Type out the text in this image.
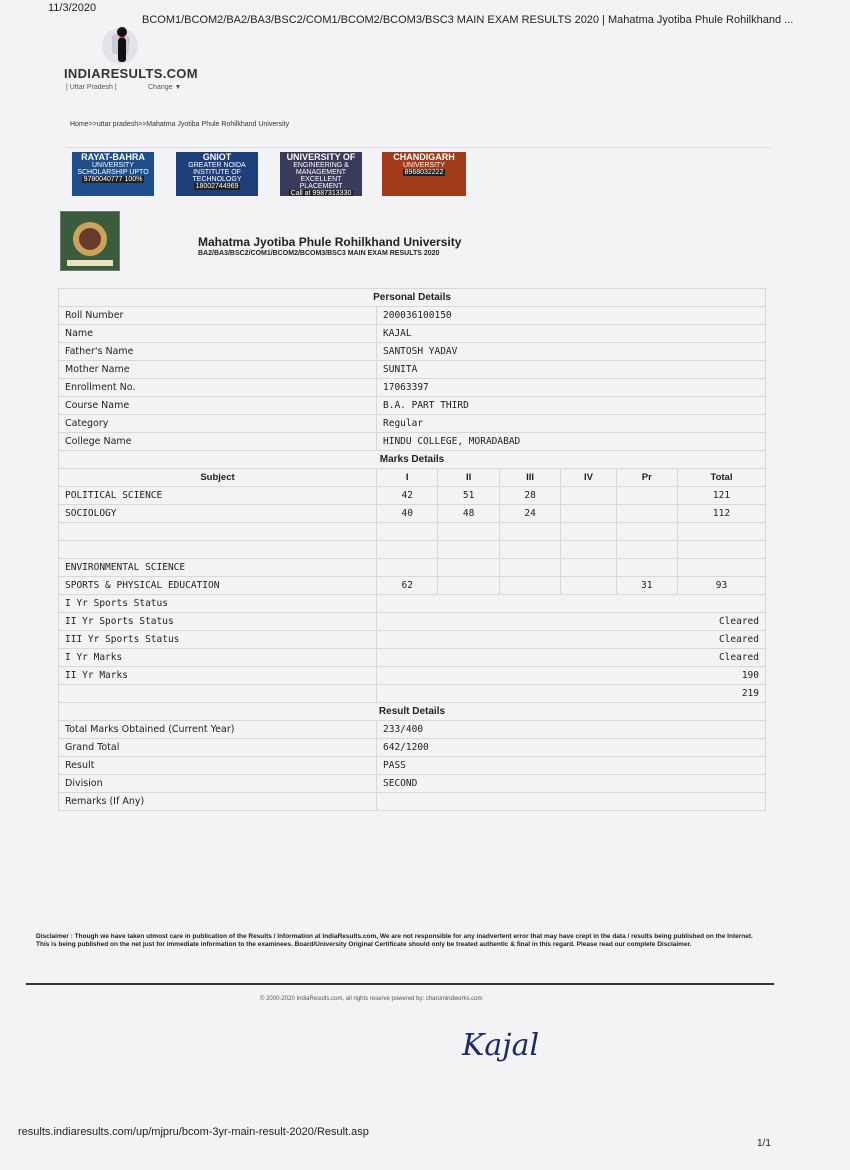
11/3/2020
BCOM1/BCOM2/BA2/BA3/BSC2/COM1/BCOM2/BCOM3/BSC3 MAIN EXAM RESULTS 2020 | Mahatma Jyotiba Phule Rohilkhand ...
INDIARESULTS.COM
| Uttar Pradesh |	Change ▼
Home>>uttar pradesh>>Mahatma Jyotiba Phule Rohilkhand University
RAYAT-BAHRA
UNIVERSITY
SCHOLARSHIP UPTO
9780040777 100%
GNIOT
GREATER NOIDA
INSTITUTE OF TECHNOLOGY
18002744969
UNIVERSITY OF
ENGINEERING & MANAGEMENT
EXCELLENT PLACEMENT
Call at 9987313330
CHANDIGARH
UNIVERSITY
8968032222
Mahatma Jyotiba Phule Rohilkhand University
BA2/BA3/BSC2/COM1/BCOM2/BCOM3/BSC3 MAIN EXAM RESULTS 2020
Personal Details						
Roll Number	200036100150					
Name	KAJAL					
Father's Name	SANTOSH YADAV					
Mother Name	SUNITA					
Enrollment No.	17063397					
Course Name	B.A. PART THIRD					
Category	Regular					
College Name	HINDU COLLEGE, MORADABAD					
Marks Details						
Subject	I	II	III	IV	Pr	Total
POLITICAL SCIENCE	42	51	28			121
SOCIOLOGY	40	48	24			112

ENVIRONMENTAL SCIENCE						
SPORTS & PHYSICAL EDUCATION	62				31	93
I Yr Sports Status						
II Yr Sports Status	Cleared					
III Yr Sports Status	Cleared					
I Yr Marks	Cleared					
II Yr Marks	190					
	219					
Result Details						
Total Marks Obtained (Current Year)	233/400					
Grand Total	642/1200					
Result	PASS					
Division	SECOND					
Remarks (If Any)						
Disclaimer : Though we have taken utmost care in publication of the Results / Information at IndiaResults.com, We are not responsible for any inadvertent error that may have crept in the data / results being published on the Internet. This is being published on the net just for immediate information to the examinees. Board/University Original Certificate should only be treated authentic & final in this regard. Please read our complete Disclaimer.
© 2000-2020 IndiaResults.com, all rights reserve powered by: charumindworks.com
Kajal
results.indiaresults.com/up/mjpru/bcom-3yr-main-result-2020/Result.asp
1/1
